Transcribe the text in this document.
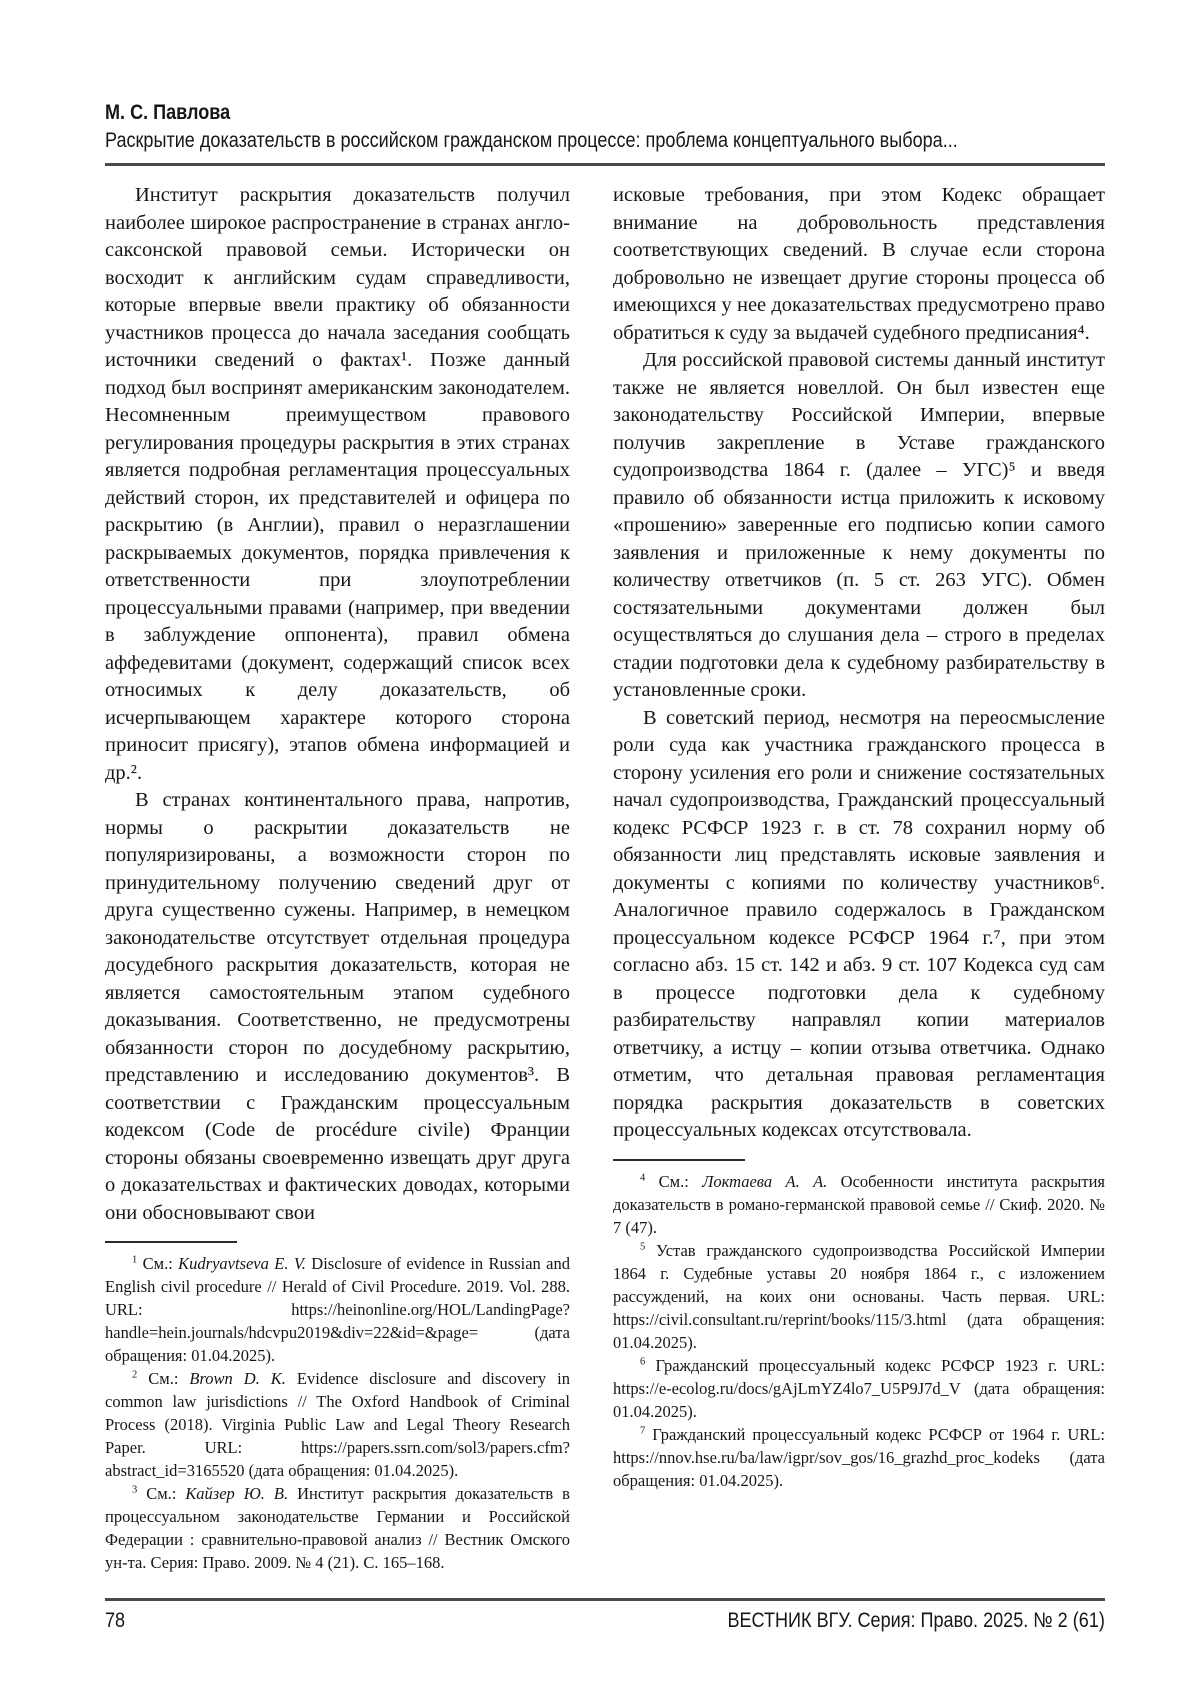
М. С. Павлова
Раскрытие доказательств в российском гражданском процессе: проблема концептуального выбора...

Институт раскрытия доказательств получил наиболее широкое распространение в странах англо-саксонской правовой семьи. Исторически он восходит к английским судам справедливости, которые впервые ввели практику об обязанности участников процесса до начала заседания сообщать источники сведений о фактах¹. Позже данный подход был воспринят американским законодателем. Несомненным преимуществом правового регулирования процедуры раскрытия в этих странах является подробная регламентация процессуальных действий сторон, их представителей и офицера по раскрытию (в Англии), правил о неразглашении раскрываемых документов, порядка привлечения к ответственности при злоупотреблении процессуальными правами (например, при введении в заблуждение оппонента), правил обмена аффедевитами (документ, содержащий список всех относимых к делу доказательств, об исчерпывающем характере которого сторона приносит присягу), этапов обмена информацией и др.².

В странах континентального права, напротив, нормы о раскрытии доказательств не популяризированы, а возможности сторон по принудительному получению сведений друг от друга существенно сужены. Например, в немецком законодательстве отсутствует отдельная процедура досудебного раскрытия доказательств, которая не является самостоятельным этапом судебного доказывания. Соответственно, не предусмотрены обязанности сторон по досудебному раскрытию, представлению и исследованию документов³. В соответствии с Гражданским процессуальным кодексом (Code de procédure civile) Франции стороны обязаны своевременно извещать друг друга о доказательствах и фактических доводах, которыми они обосновывают свои

$^1$ См.: Kudryavtseva E. V. Disclosure of evidence in Russian and English civil procedure // Herald of Civil Procedure. 2019. Vol. 288. URL: https://heinonline.org/HOL/LandingPage?handle=hein.journals/hdcvpu2019&div=22&id=&page= (дата обращения: 01.04.2025).

$^2$ См.: Brown D. K. Evidence disclosure and discovery in common law jurisdictions // The Oxford Handbook of Criminal Process (2018). Virginia Public Law and Legal Theory Research Paper. URL: https://papers.ssrn.com/sol3/papers.cfm?abstract_id=3165520 (дата обращения: 01.04.2025).

$^3$ См.: Кайзер Ю. В. Институт раскрытия доказательств в процессуальном законодательстве Германии и Российской Федерации : сравнительно-правовой анализ // Вестник Омского ун-та. Серия: Право. 2009. № 4 (21). С. 165–168.

исковые требования, при этом Кодекс обращает внимание на добровольность представления соответствующих сведений. В случае если сторона добровольно не извещает другие стороны процесса об имеющихся у нее доказательствах предусмотрено право обратиться к суду за выдачей судебного предписания⁴.

Для российской правовой системы данный институт также не является новеллой. Он был известен еще законодательству Российской Империи, впервые получив закрепление в Уставе гражданского судопроизводства 1864 г. (далее – УГС)⁵ и введя правило об обязанности истца приложить к исковому «прошению» заверенные его подписью копии самого заявления и приложенные к нему документы по количеству ответчиков (п. 5 ст. 263 УГС). Обмен состязательными документами должен был осуществляться до слушания дела – строго в пределах стадии подготовки дела к судебному разбирательству в установленные сроки.

В советский период, несмотря на переосмысление роли суда как участника гражданского процесса в сторону усиления его роли и снижение состязательных начал судопроизводства, Гражданский процессуальный кодекс РСФСР 1923 г. в ст. 78 сохранил норму об обязанности лиц представлять исковые заявления и документы с копиями по количеству участников⁶. Аналогичное правило содержалось в Гражданском процессуальном кодексе РСФСР 1964 г.⁷, при этом согласно абз. 15 ст. 142 и абз. 9 ст. 107 Кодекса суд сам в процессе подготовки дела к судебному разбирательству направлял копии материалов ответчику, а истцу – копии отзыва ответчика. Однако отметим, что детальная правовая регламентация порядка раскрытия доказательств в советских процессуальных кодексах отсутствовала.

$^4$ См.: Локтаева А. А. Особенности института раскрытия доказательств в романо-германской правовой семье // Скиф. 2020. № 7 (47).

$^5$ Устав гражданского судопроизводства Российской Империи 1864 г. Судебные уставы 20 ноября 1864 г., с изложением рассуждений, на коих они основаны. Часть первая. URL: https://civil.consultant.ru/reprint/books/115/3.html (дата обращения: 01.04.2025).

$^6$ Гражданский процессуальный кодекс РСФСР 1923 г. URL: https://e-ecolog.ru/docs/gAjLmYZ4lo7_U5P9J7d_V (дата обращения: 01.04.2025).

$^7$ Гражданский процессуальный кодекс РСФСР от 1964 г. URL: https://nnov.hse.ru/ba/law/igpr/sov_gos/16_grazhd_proc_kodeks (дата обращения: 01.04.2025).

78	ВЕСТНИК ВГУ. Серия: Право. 2025. № 2 (61)
